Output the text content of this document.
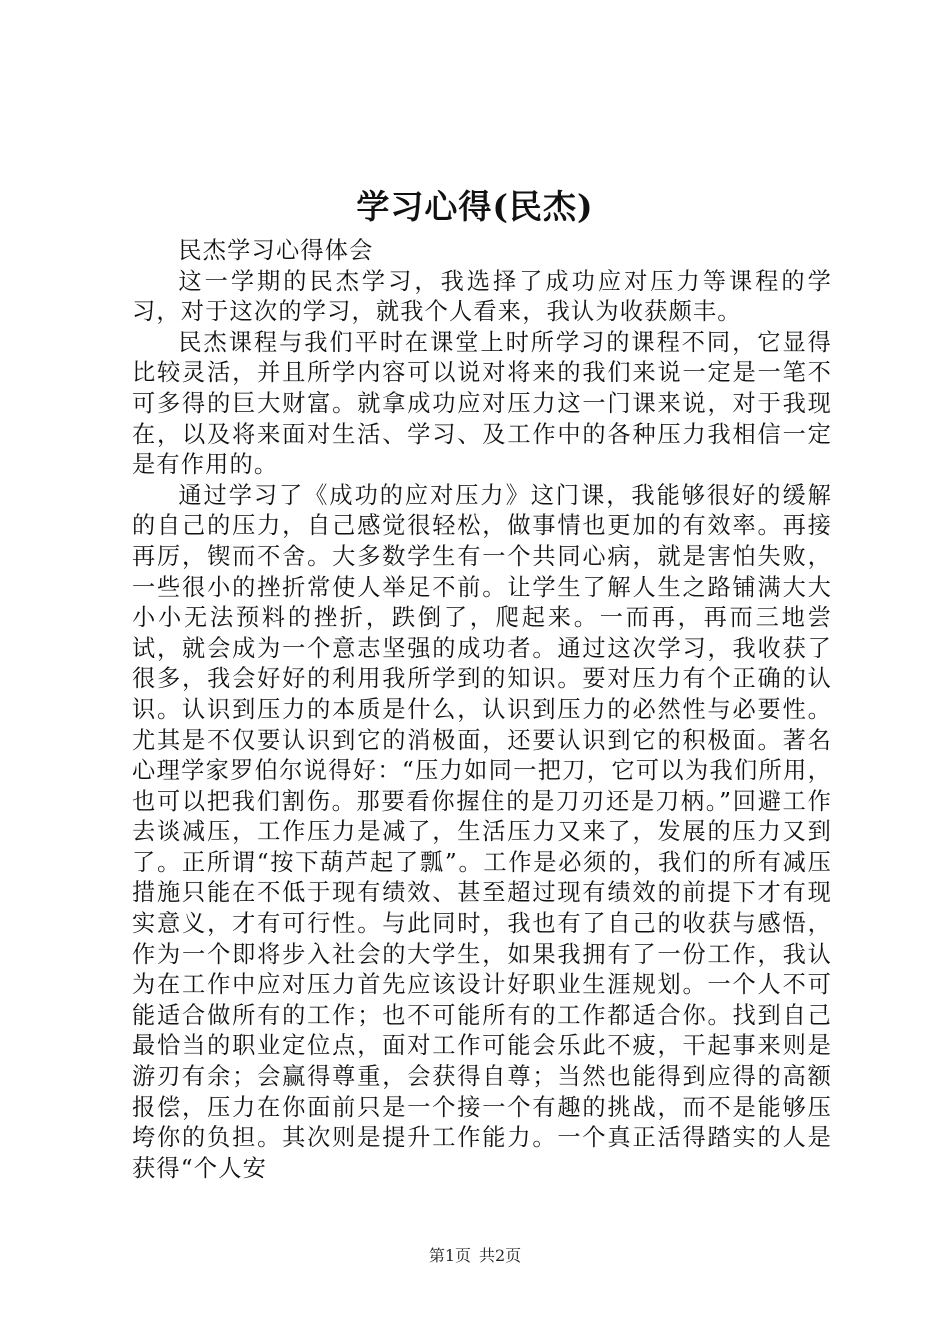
学习心得(民杰)

民杰学习心得体会

这一学期的民杰学习，我选择了成功应对压力等课程的学习，对于这次的学习，就我个人看来，我认为收获颇丰。

民杰课程与我们平时在课堂上时所学习的课程不同，它显得比较灵活，并且所学内容可以说对将来的我们来说一定是一笔不可多得的巨大财富。就拿成功应对压力这一门课来说，对于我现在，以及将来面对生活、学习、及工作中的各种压力我相信一定是有作用的。

通过学习了《成功的应对压力》这门课，我能够很好的缓解的自己的压力，自己感觉很轻松，做事情也更加的有效率。再接再厉，锲而不舍。大多数学生有一个共同心病，就是害怕失败，一些很小的挫折常使人举足不前。让学生了解人生之路铺满大大小小无法预料的挫折，跌倒了，爬起来。一而再，再而三地尝试，就会成为一个意志坚强的成功者。通过这次学习，我收获了很多，我会好好的利用我所学到的知识。要对压力有个正确的认识。认识到压力的本质是什么，认识到压力的必然性与必要性。尤其是不仅要认识到它的消极面，还要认识到它的积极面。著名心理学家罗伯尔说得好：“压力如同一把刀，它可以为我们所用，也可以把我们割伤。那要看你握住的是刀刃还是刀柄。”回避工作去谈减压，工作压力是减了，生活压力又来了，发展的压力又到了。正所谓“按下葫芦起了瓢”。工作是必须的，我们的所有减压措施只能在不低于现有绩效、甚至超过现有绩效的前提下才有现实意义，才有可行性。与此同时，我也有了自己的收获与感悟，作为一个即将步入社会的大学生，如果我拥有了一份工作，我认为在工作中应对压力首先应该设计好职业生涯规划。一个人不可能适合做所有的工作；也不可能所有的工作都适合你。找到自己最恰当的职业定位点，面对工作可能会乐此不疲，干起事来则是游刃有余；会赢得尊重，会获得自尊；当然也能得到应得的高额报偿，压力在你面前只是一个接一个有趣的挑战，而不是能够压垮你的负担。其次则是提升工作能力。一个真正活得踏实的人是获得“个人安

第1页 共2页
